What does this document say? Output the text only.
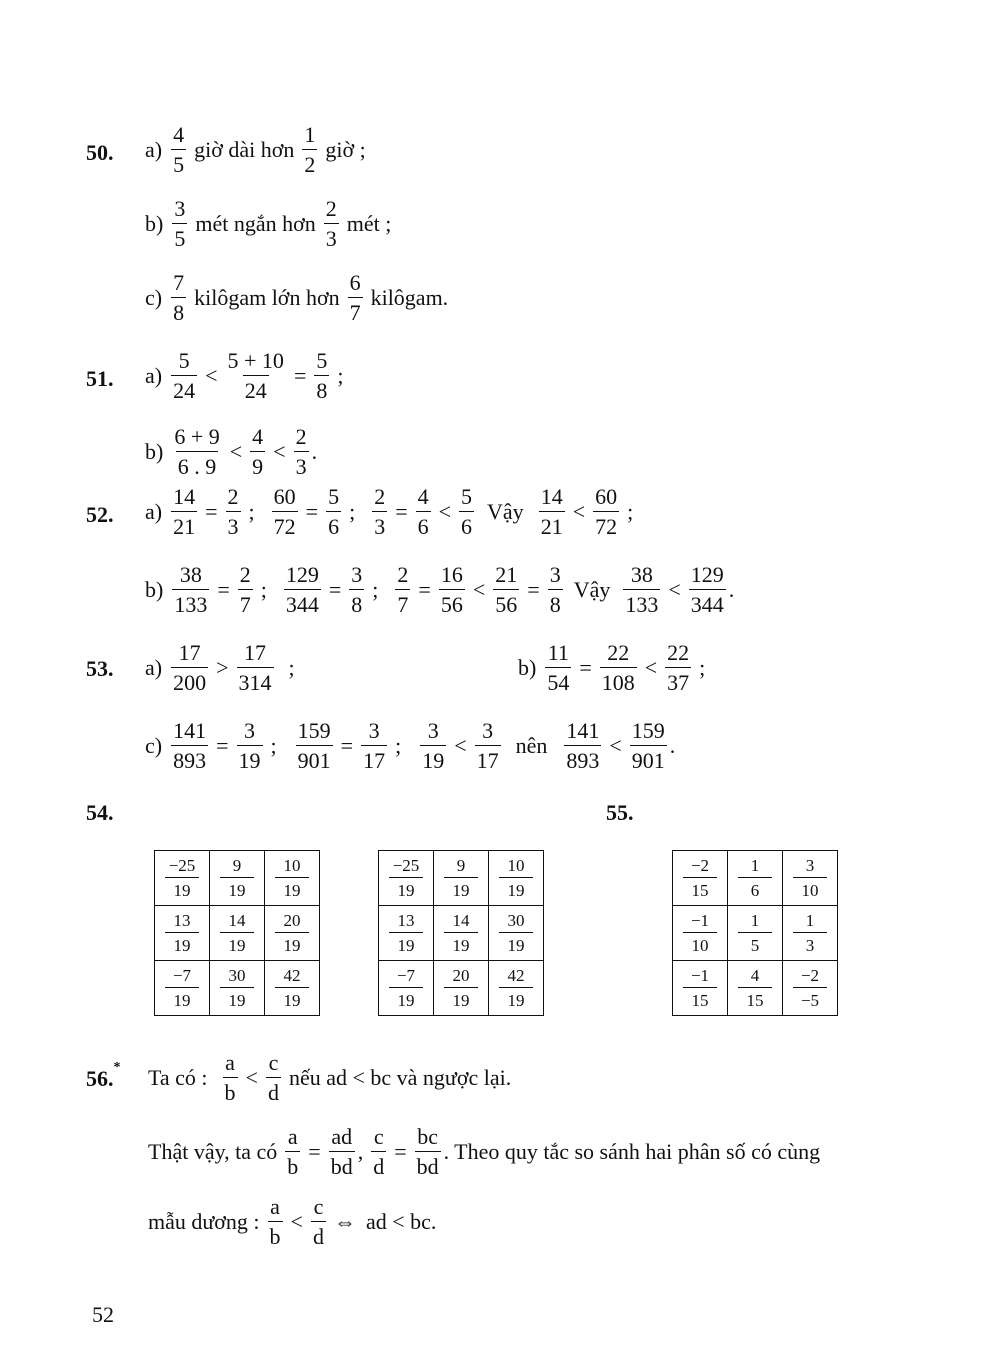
50. $a) \frac{4}{5}$ giờ dài hơn $\frac{1}{2}$ giờ ;
$b) \frac{3}{5}$ mét ngắn hơn $\frac{2}{3}$ mét ;
$c) \frac{7}{8}$ kilôgam lớn hơn $\frac{6}{7}$ kilôgam.
51. $a) \frac{5}{24} < \frac{5 + 10}{24} = \frac{5}{8}$ ;
$b) \frac{6 + 9}{6 . 9} < \frac{4}{9} < \frac{2}{3}$ .
52. $a) \frac{14}{21} = \frac{2}{3}$ ; $\frac{60}{72} = \frac{5}{6}$ ; $\frac{2}{3} = \frac{4}{6} < \frac{5}{6}$ Vậy $\frac{14}{21} < \frac{60}{72}$ ;
$b) \frac{38}{133} = \frac{2}{7}$ ; $\frac{129}{344} = \frac{3}{8}$ ; $\frac{2}{7} = \frac{16}{56} < \frac{21}{56} = \frac{3}{8}$ Vậy $\frac{38}{133} < \frac{129}{344}$ .
53. $a) \frac{17}{200} > \frac{17}{314}$ ;	$b) \frac{11}{54} = \frac{22}{108} < \frac{22}{37}$ ;
$c) \frac{141}{893} = \frac{3}{19}$ ; $\frac{159}{901} = \frac{3}{17}$ ; $\frac{3}{19} < \frac{3}{17}$ nên $\frac{141}{893} < \frac{159}{901}$ .
54.	55.
$\frac{-25}{19}$	$\frac{9}{19}$	$\frac{10}{19}$

$\frac{13}{19}$	$\frac{14}{19}$	$\frac{20}{19}$

$\frac{-7}{19}$	$\frac{30}{19}$	$\frac{42}{19}$
$\frac{-25}{19}$	$\frac{9}{19}$	$\frac{10}{19}$

$\frac{13}{19}$	$\frac{14}{19}$	$\frac{30}{19}$

$\frac{-7}{19}$	$\frac{20}{19}$	$\frac{42}{19}$
$\frac{-2}{15}$	$\frac{1}{6}$	$\frac{3}{10}$

$\frac{-1}{10}$	$\frac{1}{5}$	$\frac{1}{3}$

$\frac{-1}{15}$	$\frac{4}{15}$	$\frac{-2}{-5}$
56.* Ta có : $\frac{a}{b} < \frac{c}{d}$ nếu ad < bc và ngược lại.
Thật vậy, ta có $\frac{a}{b} = \frac{ad}{bd}$ , $\frac{c}{d} = \frac{bc}{bd}$ . Theo quy tắc so sánh hai phân số có cùng
mẫu dương : $\frac{a}{b} < \frac{c}{d}$ ⇔ ad < bc.
52
